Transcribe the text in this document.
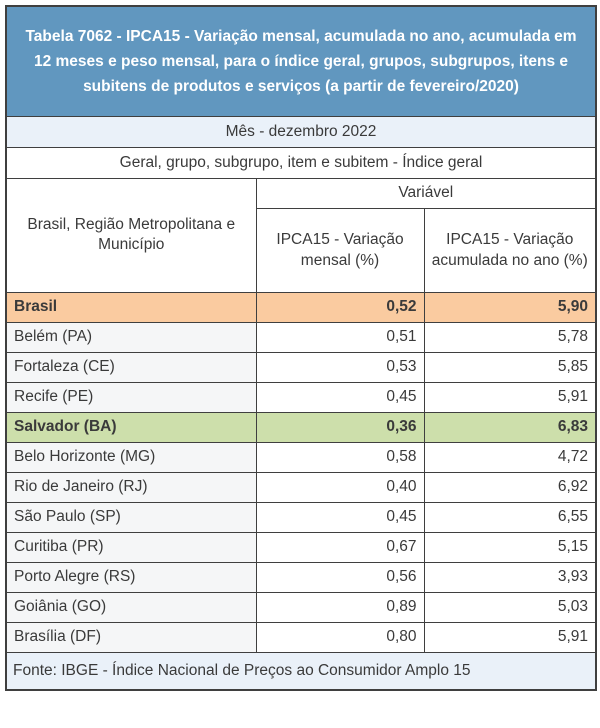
Tabela 7062 - IPCA15 - Variação mensal, acumulada no ano, acumulada em 12 meses e peso mensal, para o índice geral, grupos, subgrupos, itens e subitens de produtos e serviços (a partir de fevereiro/2020)		
Mês - dezembro 2022		
Geral, grupo, subgrupo, item e subitem - Índice geral		
Brasil, Região Metropolitana e Município	Variável	
	IPCA15 - Variação mensal (%)	IPCA15 - Variação acumulada no ano (%)
Brasil	0,52	5,90
Belém (PA)	0,51	5,78
Fortaleza (CE)	0,53	5,85
Recife (PE)	0,45	5,91
Salvador (BA)	0,36	6,83
Belo Horizonte (MG)	0,58	4,72
Rio de Janeiro (RJ)	0,40	6,92
São Paulo (SP)	0,45	6,55
Curitiba (PR)	0,67	5,15
Porto Alegre (RS)	0,56	3,93
Goiânia (GO)	0,89	5,03
Brasília (DF)	0,80	5,91
Fonte: IBGE - Índice Nacional de Preços ao Consumidor Amplo 15		
